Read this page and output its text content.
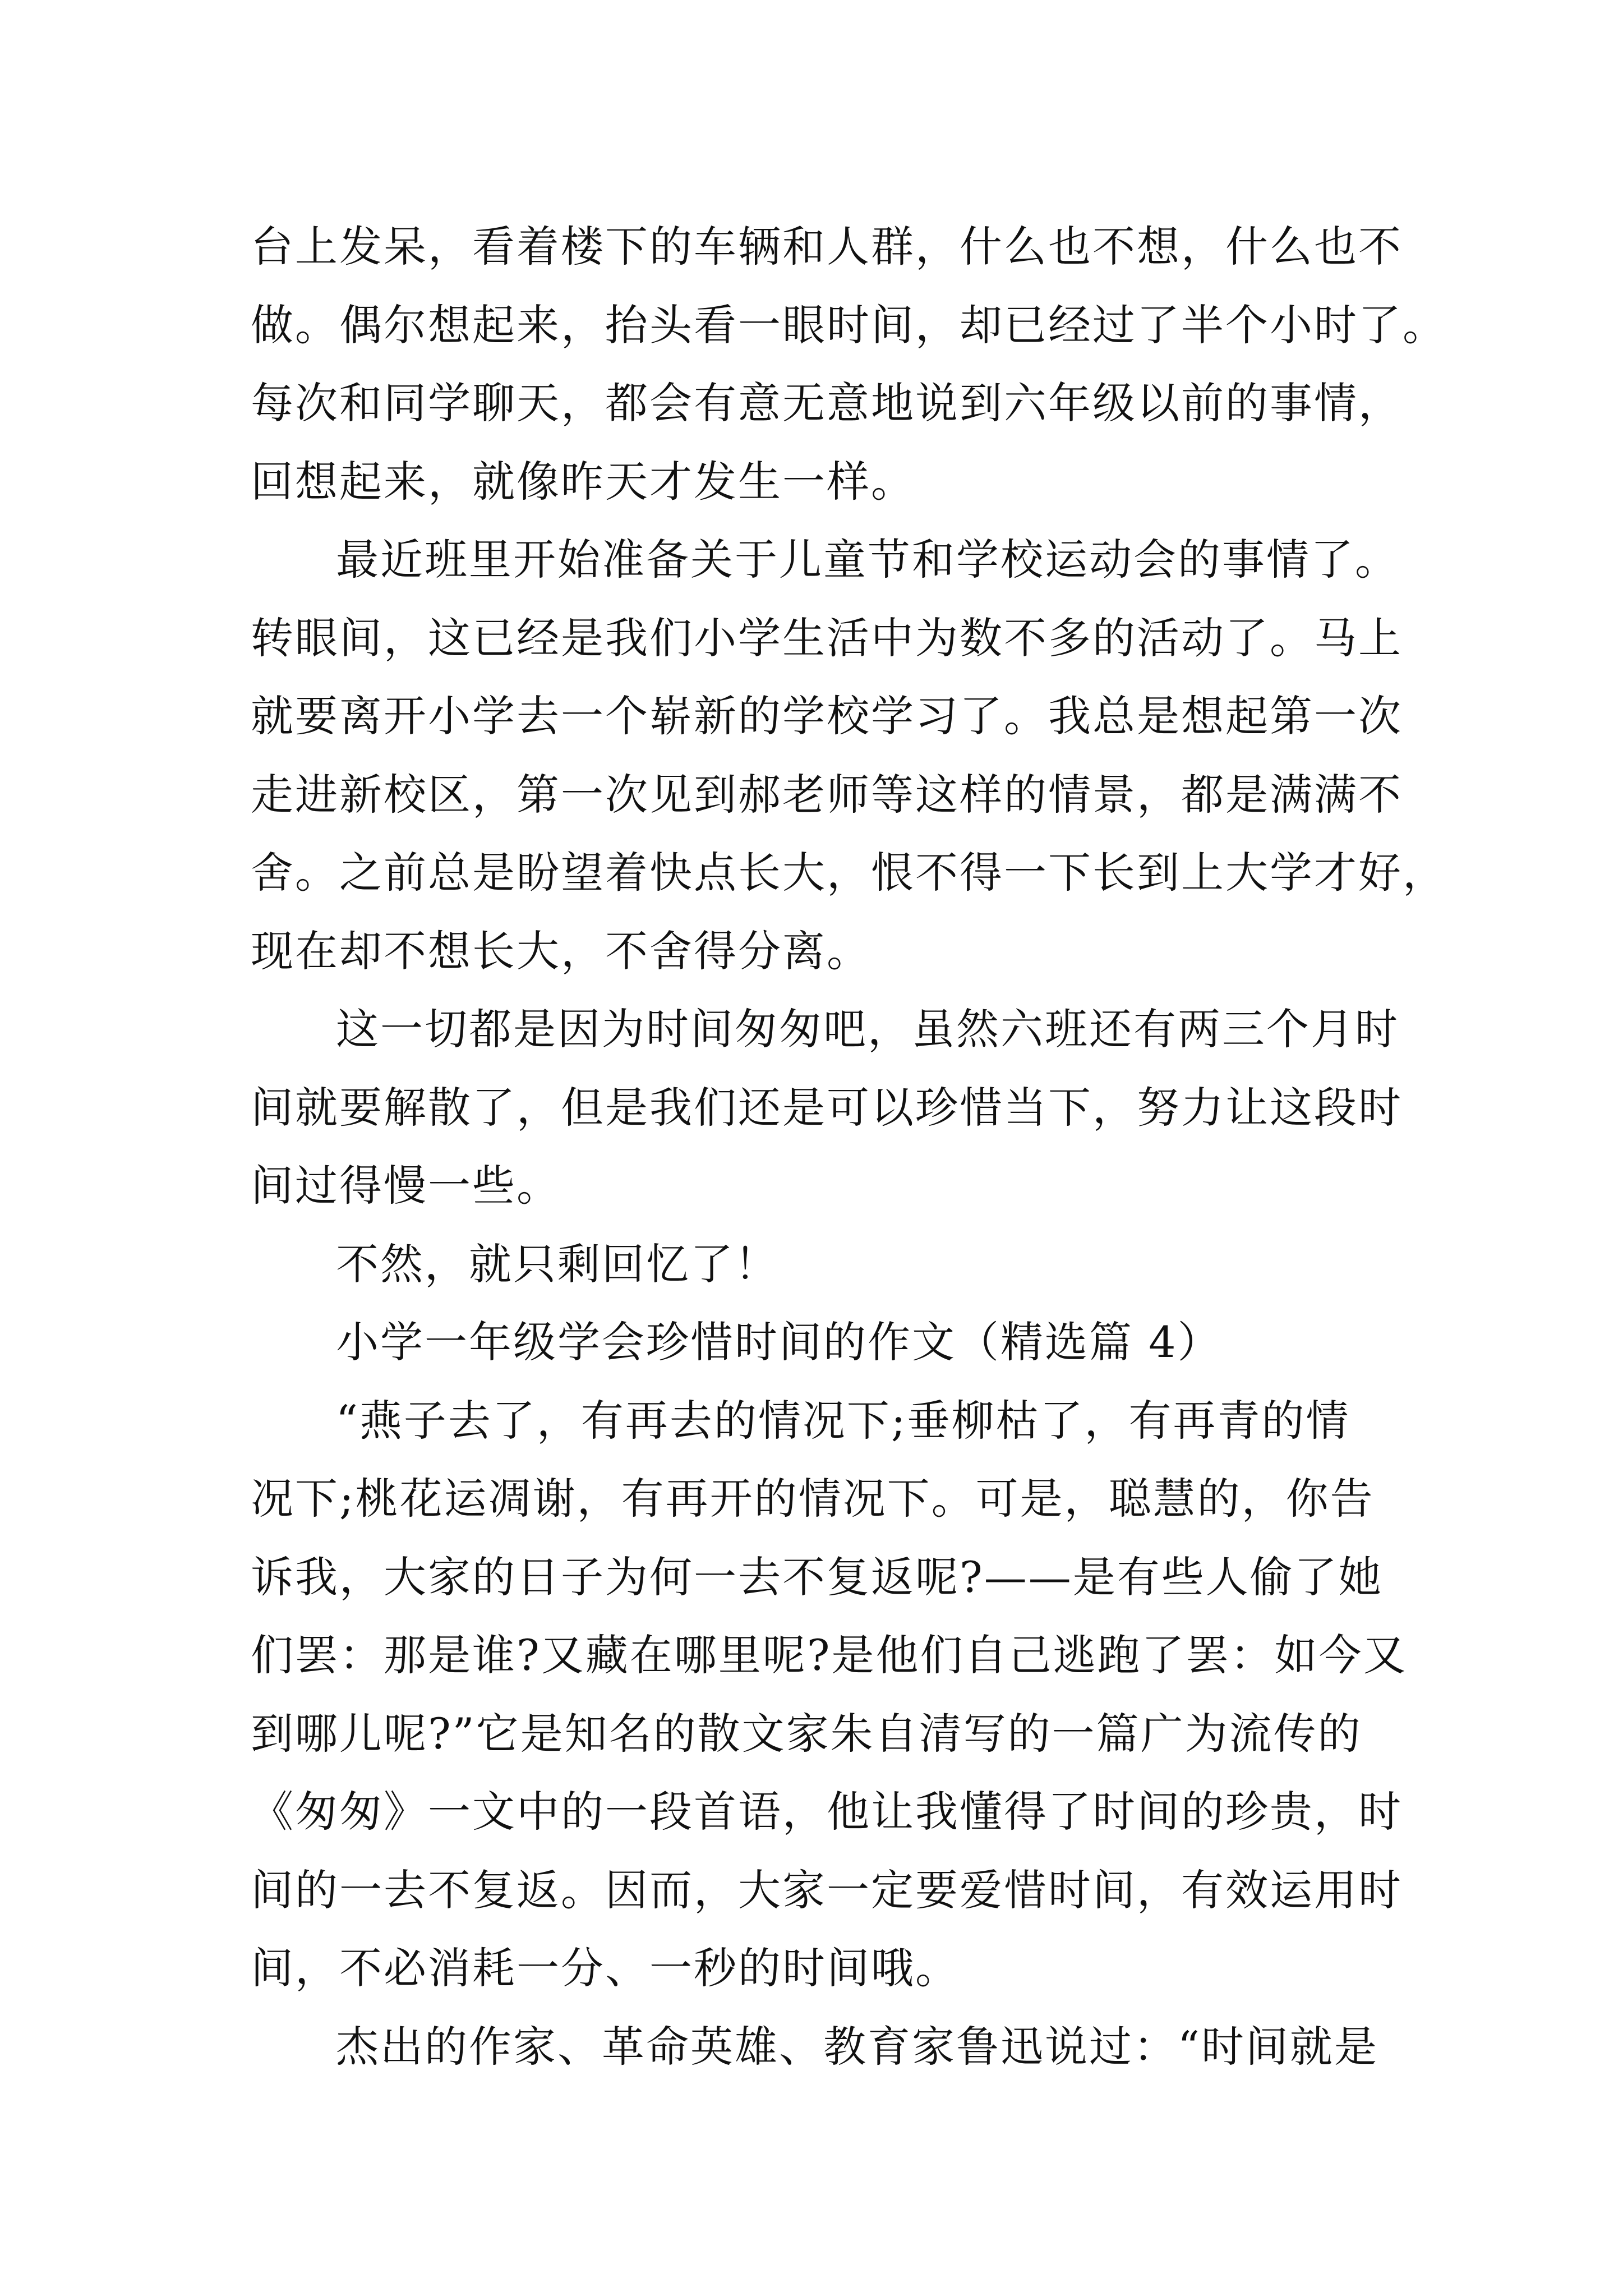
台上发呆，看着楼下的车辆和人群，什么也不想，什么也不
做。偶尔想起来，抬头看一眼时间，却已经过了半个小时了。
每次和同学聊天，都会有意无意地说到六年级以前的事情，
回想起来，就像昨天才发生一样。
最近班里开始准备关于儿童节和学校运动会的事情了。
转眼间，这已经是我们小学生活中为数不多的活动了。马上
就要离开小学去一个崭新的学校学习了。我总是想起第一次
走进新校区，第一次见到郝老师等这样的情景，都是满满不
舍。之前总是盼望着快点长大，恨不得一下长到上大学才好，
现在却不想长大，不舍得分离。
这一切都是因为时间匆匆吧，虽然六班还有两三个月时
间就要解散了，但是我们还是可以珍惜当下，努力让这段时
间过得慢一些。
不然，就只剩回忆了！
小学一年级学会珍惜时间的作文（精选篇 4）
“燕子去了，有再去的情况下;垂柳枯了，有再青的情
况下;桃花运凋谢，有再开的情况下。可是，聪慧的，你告
诉我，大家的日子为何一去不复返呢?——是有些人偷了她
们罢：那是谁?又藏在哪里呢?是他们自己逃跑了罢：如今又
到哪儿呢?”它是知名的散文家朱自清写的一篇广为流传的
《匆匆》一文中的一段首语，他让我懂得了时间的珍贵，时
间的一去不复返。因而，大家一定要爱惜时间，有效运用时
间，不必消耗一分、一秒的时间哦。
杰出的作家、革命英雄、教育家鲁迅说过：“时间就是
